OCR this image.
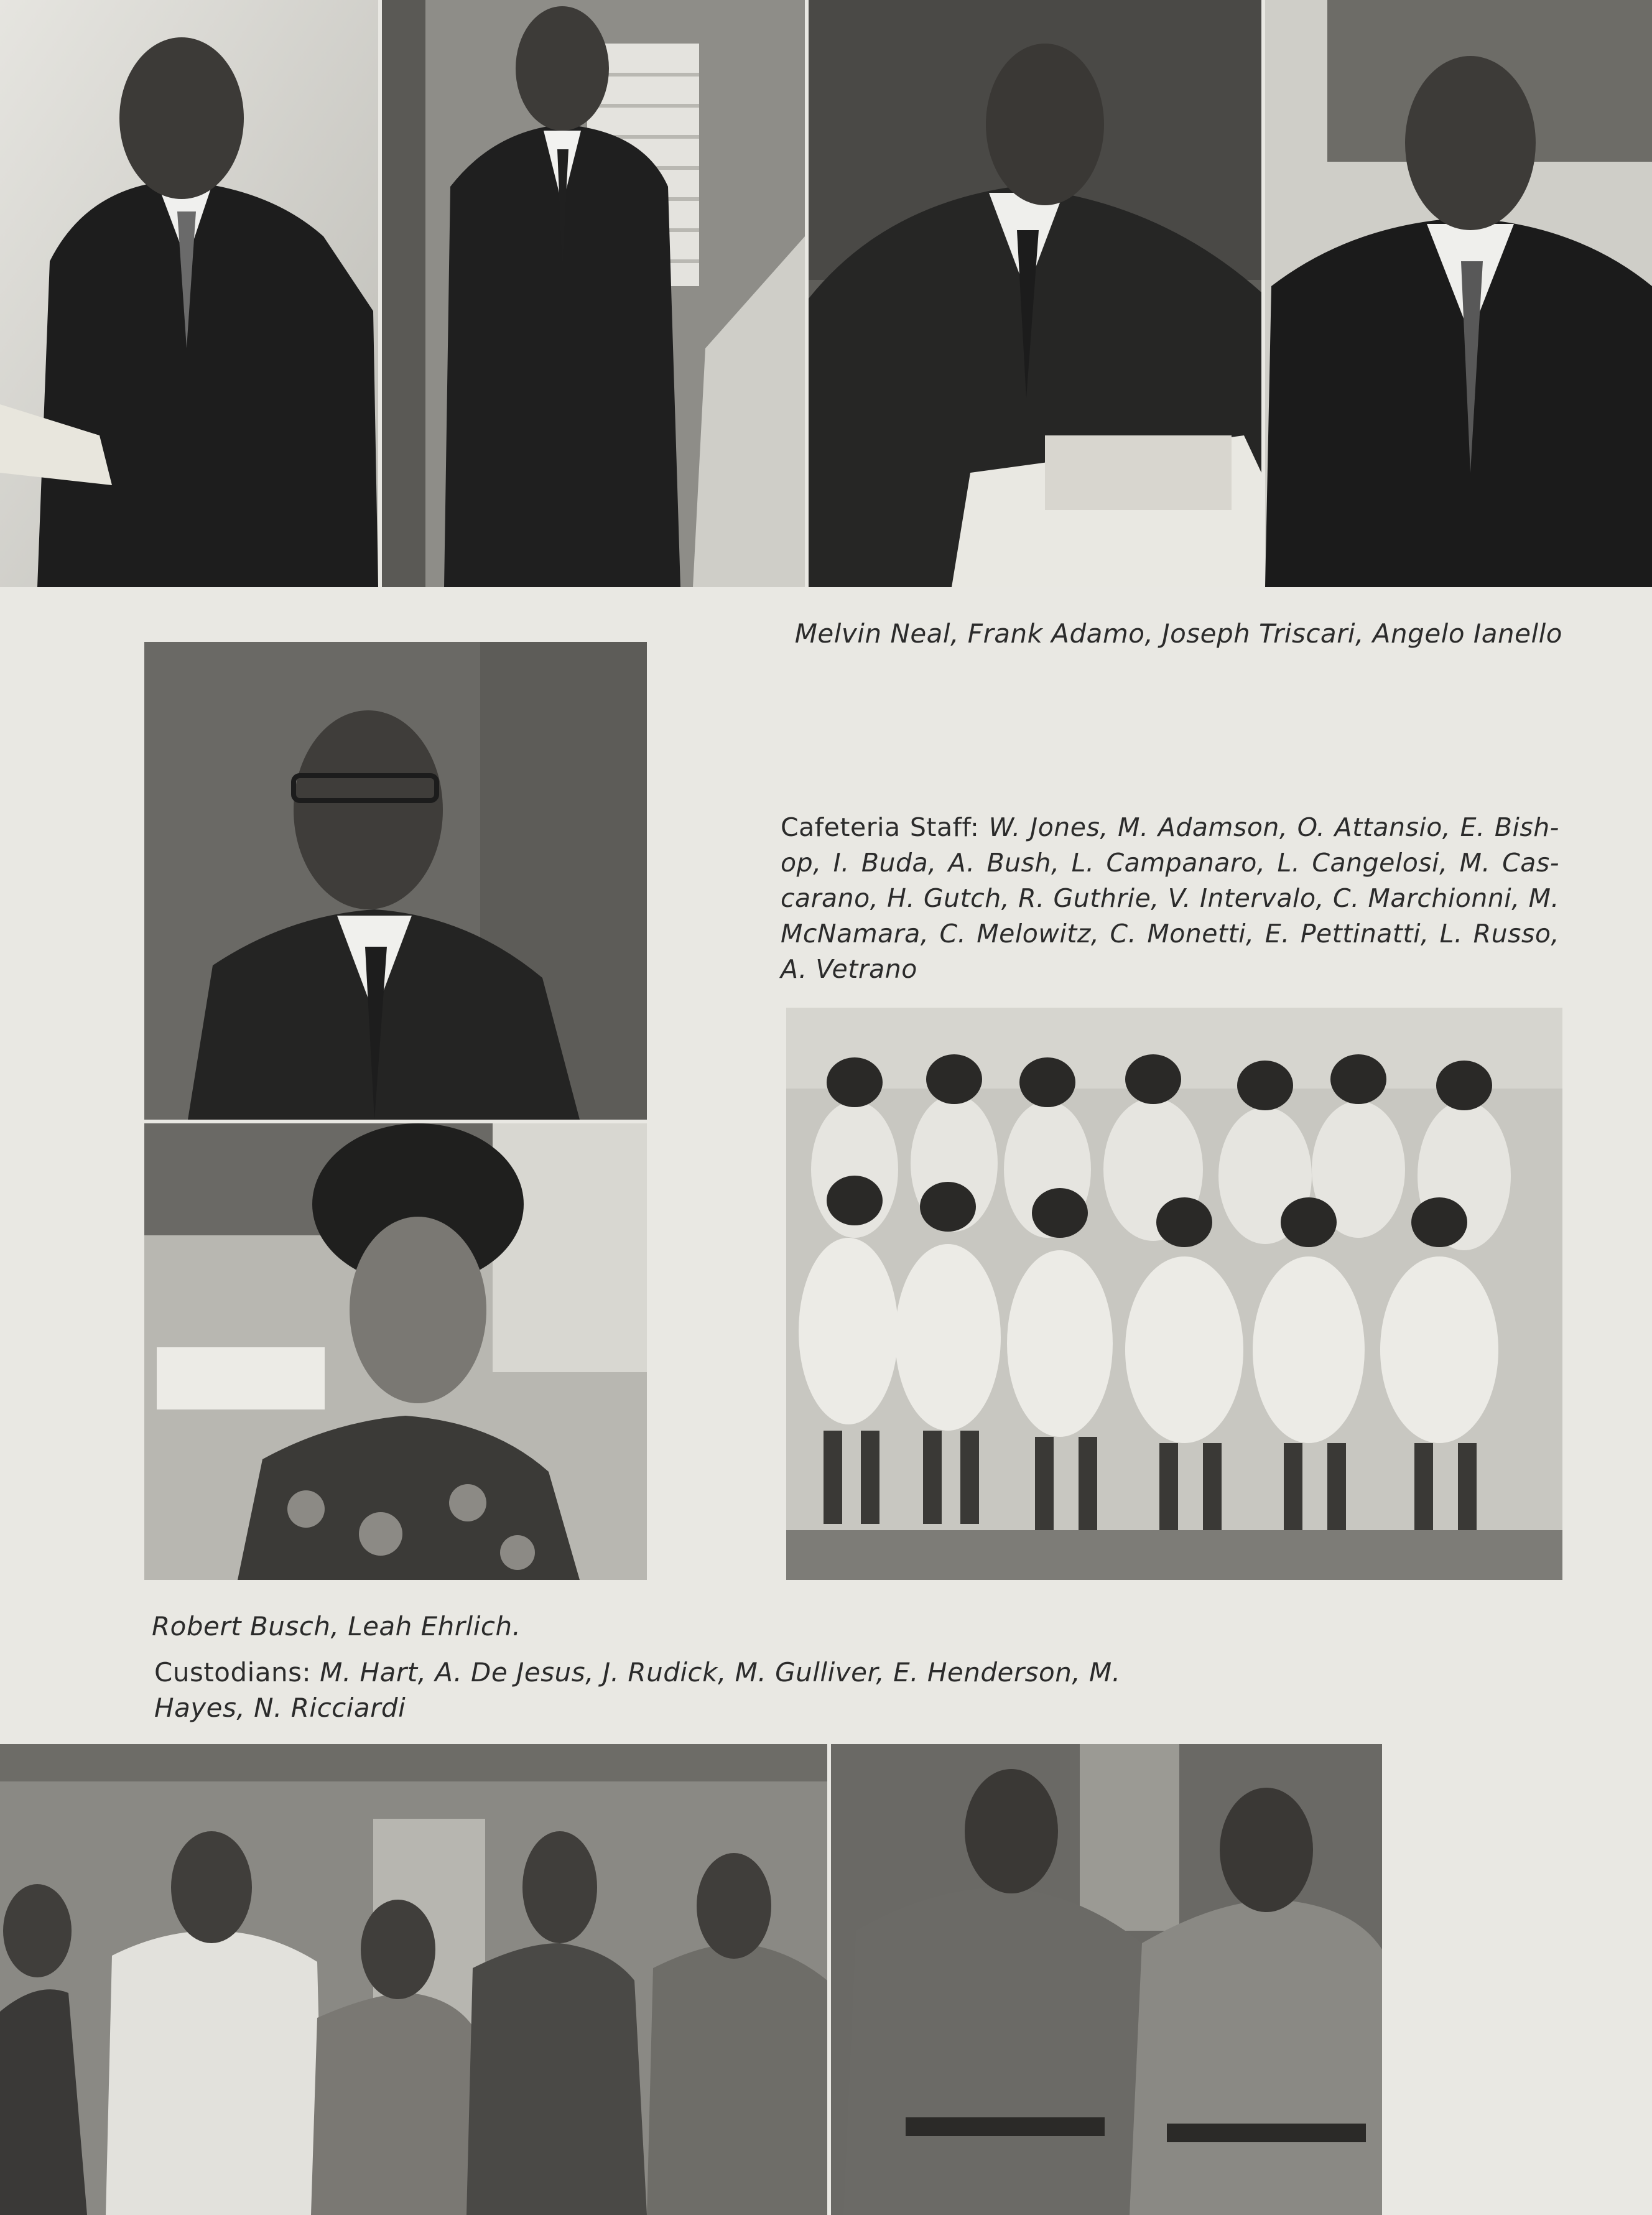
Melvin Neal, Frank Adamo, Joseph Triscari, Angelo Ianello
Cafeteria Staff: W. Jones, M. Adamson, O. Attansio, E. Bish-op, I. Buda, A. Bush, L. Campanaro, L. Cangelosi, M. Cas-carano, H. Gutch, R. Guthrie, V. Intervalo, C. Marchionni, M. McNamara, C. Melowitz, C. Monetti, E. Pettinatti, L. Russo, A. Vetrano
Robert Busch, Leah Ehrlich.
Custodians: M. Hart, A. De Jesus, J. Rudick, M. Gulliver, E. Henderson, M. Hayes, N. Ricciardi
